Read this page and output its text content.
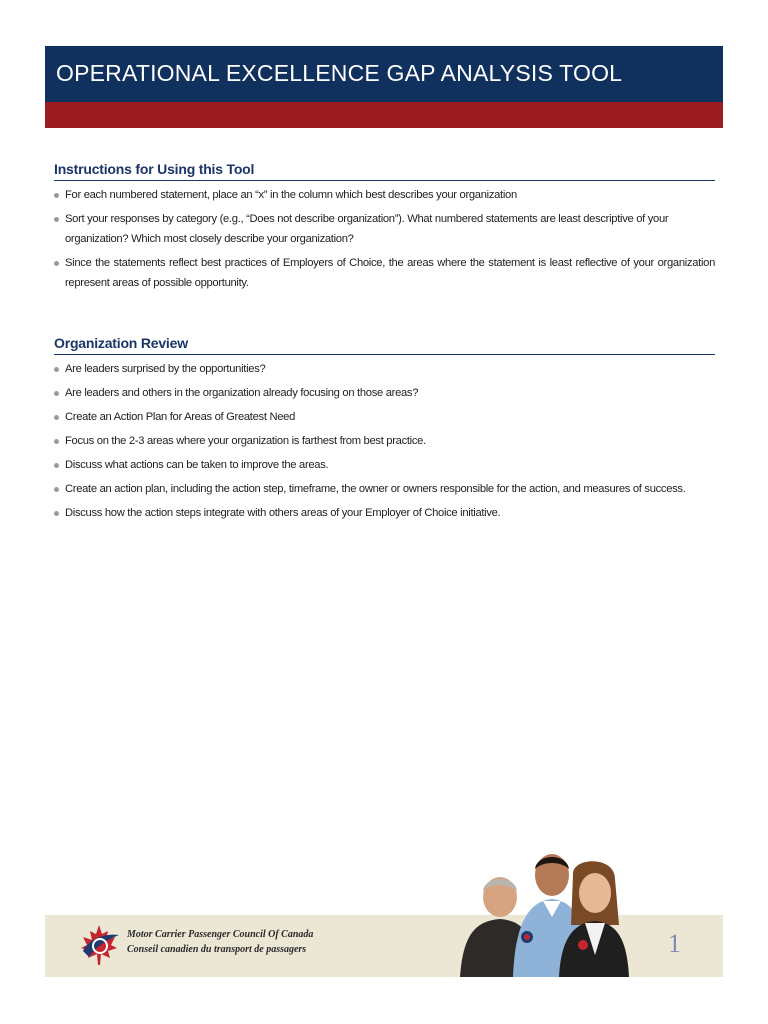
OPERATIONAL EXCELLENCE GAP ANALYSIS TOOL
Instructions for Using this Tool
For each numbered statement, place an “x” in the column which best describes your organization
Sort your responses by category (e.g., “Does not describe organization”). What numbered statements are least descriptive of your organization? Which most closely describe your organization?
Since the statements reflect best practices of Employers of Choice, the areas where the statement is least reflective of your organization represent areas of possible opportunity.
Organization Review
Are leaders surprised by the opportunities?
Are leaders and others in the organization already focusing on those areas?
Create an Action Plan for Areas of Greatest Need
Focus on the 2-3 areas where your organization is farthest from best practice.
Discuss what actions can be taken to improve the areas.
Create an action plan, including the action step, timeframe, the owner or owners responsible for the action, and measures of success.
Discuss how the action steps integrate with others areas of your Employer of Choice initiative.
Motor Carrier Passenger Council Of Canada
Conseil canadien du transport de passagers	1
